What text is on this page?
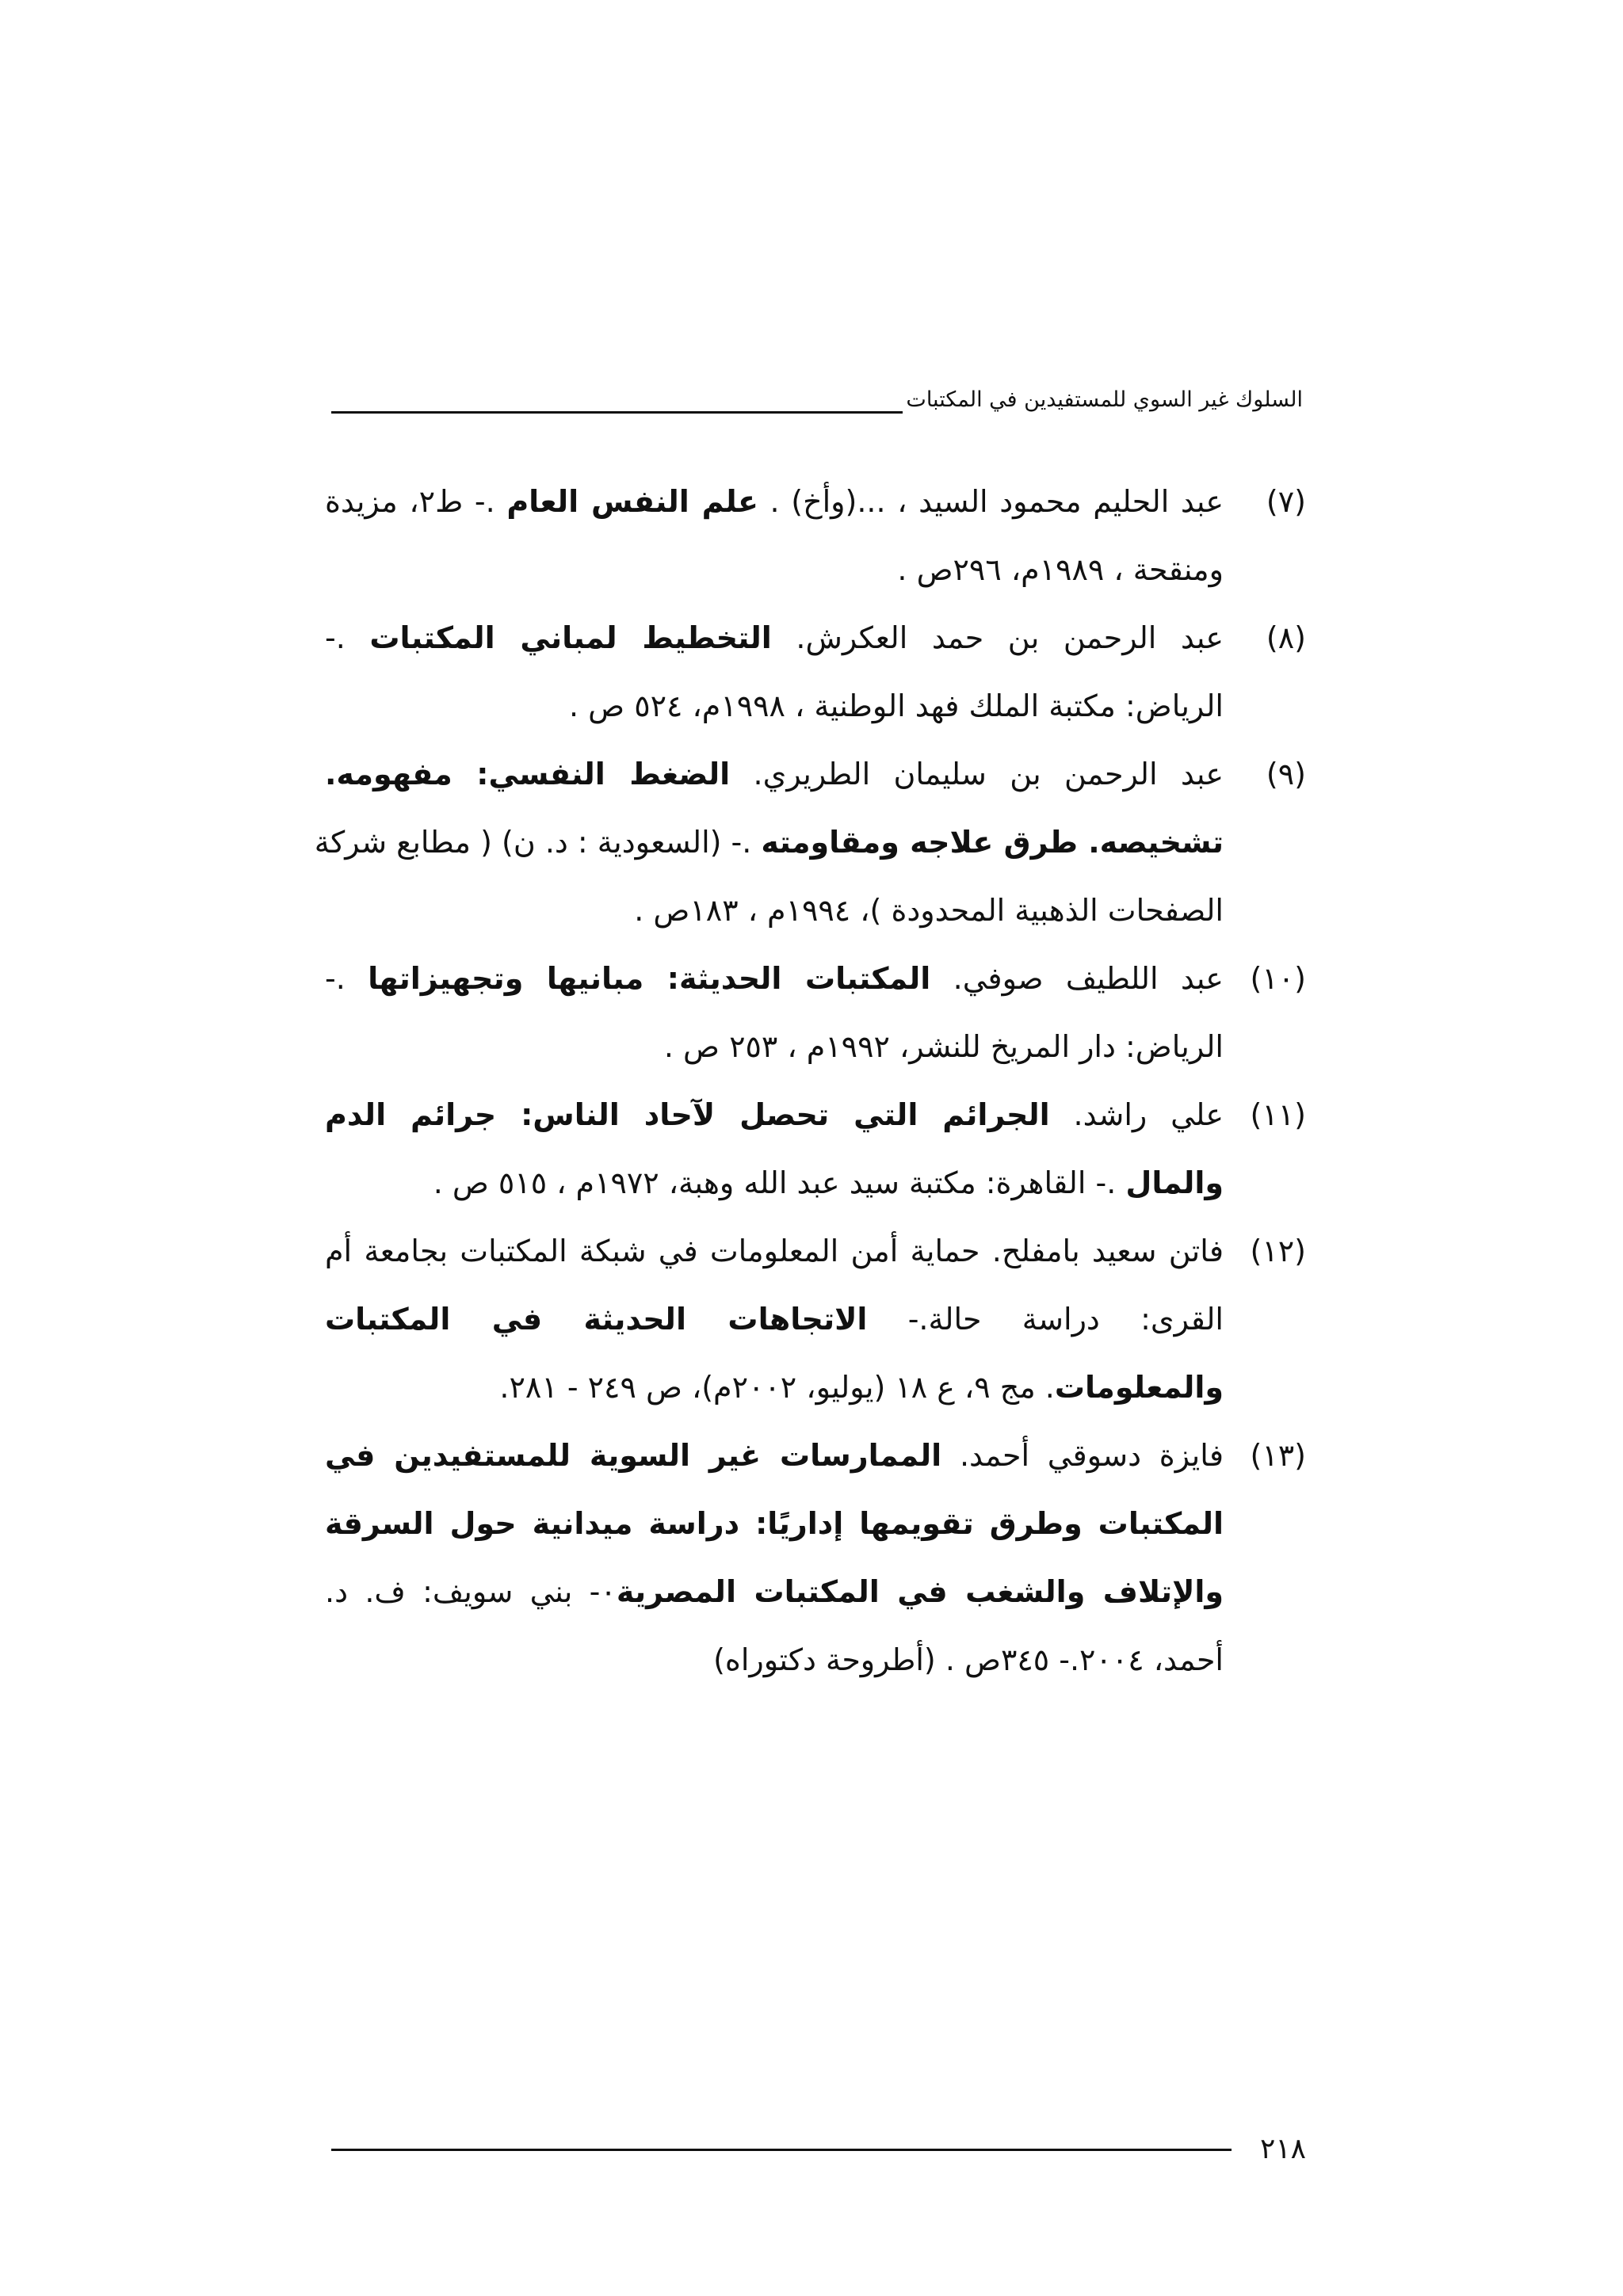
السلوك غير السوي للمستفيدين في المكتبات
(٧)
عبد الحليم محمود السيد ، ...(وأخ) . علم النفس العام .- ط٢، مزيدة
ومنقحة ، ١٩٨٩م، ٢٩٦ص .
(٨)
عبد الرحمن بن حمد العكرش. التخطيط لمباني المكتبات .-
الرياض: مكتبة الملك فهد الوطنية ، ١٩٩٨م، ٥٢٤ ص .
(٩)
عبد الرحمن بن سليمان الطريري. الضغط النفسي: مفهومه.
تشخيصه. طرق علاجه ومقاومته .- (السعودية : د. ن) ( مطابع شركة
الصفحات الذهبية المحدودة )، ١٩٩٤م ، ١٨٣ص .
(١٠)
عبد اللطيف صوفي. المكتبات الحديثة: مبانيها وتجهيزاتها .-
الرياض: دار المريخ للنشر، ١٩٩٢م ، ٢٥٣ ص .
(١١)
علي راشد. الجرائم التي تحصل لآحاد الناس: جرائم الدم
والمال .- القاهرة: مكتبة سيد عبد الله وهبة، ١٩٧٢م ، ٥١٥ ص .
(١٢)
فاتن سعيد بامفلح. حماية أمن المعلومات في شبكة المكتبات بجامعة أم
القرى: دراسة حالة.- الاتجاهات الحديثة في المكتبات
والمعلومات. مج ٩، ع ١٨ (يوليو، ٢٠٠٢م)، ص ٢٤٩ - ٢٨١.
(١٣)
فايزة دسوقي أحمد. الممارسات غير السوية للمستفيدين في
المكتبات وطرق تقويمها إداريًا: دراسة ميدانية حول السرقة
والإتلاف والشغب في المكتبات المصرية٠- بني سويف: ف. د.
أحمد، ٢٠٠٤.- ٣٤٥ص . (أطروحة دكتوراه)
٢١٨
